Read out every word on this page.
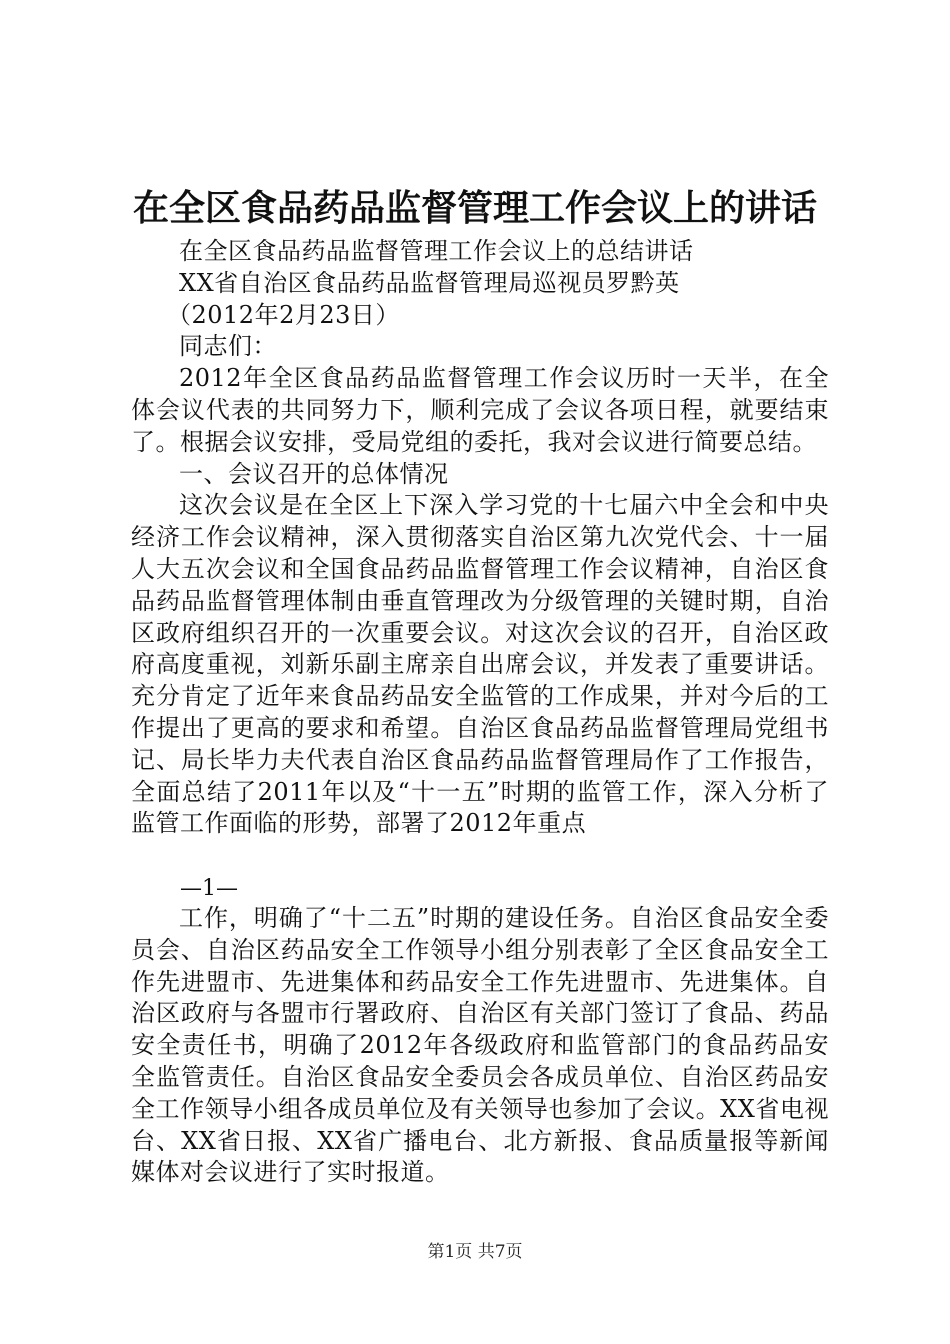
在全区食品药品监督管理工作会议上的讲话
在全区食品药品监督管理工作会议上的总结讲话
XX省自治区食品药品监督管理局巡视员罗黔英
（2012年2月23日）
同志们：

2012年全区食品药品监督管理工作会议历时一天半，在全体会议代表的共同努力下，顺利完成了会议各项日程，就要结束了。根据会议安排，受局党组的委托，我对会议进行简要总结。

一、会议召开的总体情况

这次会议是在全区上下深入学习党的十七届六中全会和中央经济工作会议精神，深入贯彻落实自治区第九次党代会、十一届人大五次会议和全国食品药品监督管理工作会议精神，自治区食品药品监督管理体制由垂直管理改为分级管理的关键时期，自治区政府组织召开的一次重要会议。对这次会议的召开，自治区政府高度重视，刘新乐副主席亲自出席会议，并发表了重要讲话。充分肯定了近年来食品药品安全监管的工作成果，并对今后的工作提出了更高的要求和希望。自治区食品药品监督管理局党组书记、局长毕力夫代表自治区食品药品监督管理局作了工作报告，全面总结了2011年以及“十一五”时期的监管工作，深入分析了监管工作面临的形势，部署了2012年重点

—1—

工作，明确了“十二五”时期的建设任务。自治区食品安全委员会、自治区药品安全工作领导小组分别表彰了全区食品安全工作先进盟市、先进集体和药品安全工作先进盟市、先进集体。自治区政府与各盟市行署政府、自治区有关部门签订了食品、药品安全责任书，明确了2012年各级政府和监管部门的食品药品安全监管责任。自治区食品安全委员会各成员单位、自治区药品安全工作领导小组各成员单位及有关领导也参加了会议。XX省电视台、XX省日报、XX省广播电台、北方新报、食品质量报等新闻媒体对会议进行了实时报道。

第1页 共7页
